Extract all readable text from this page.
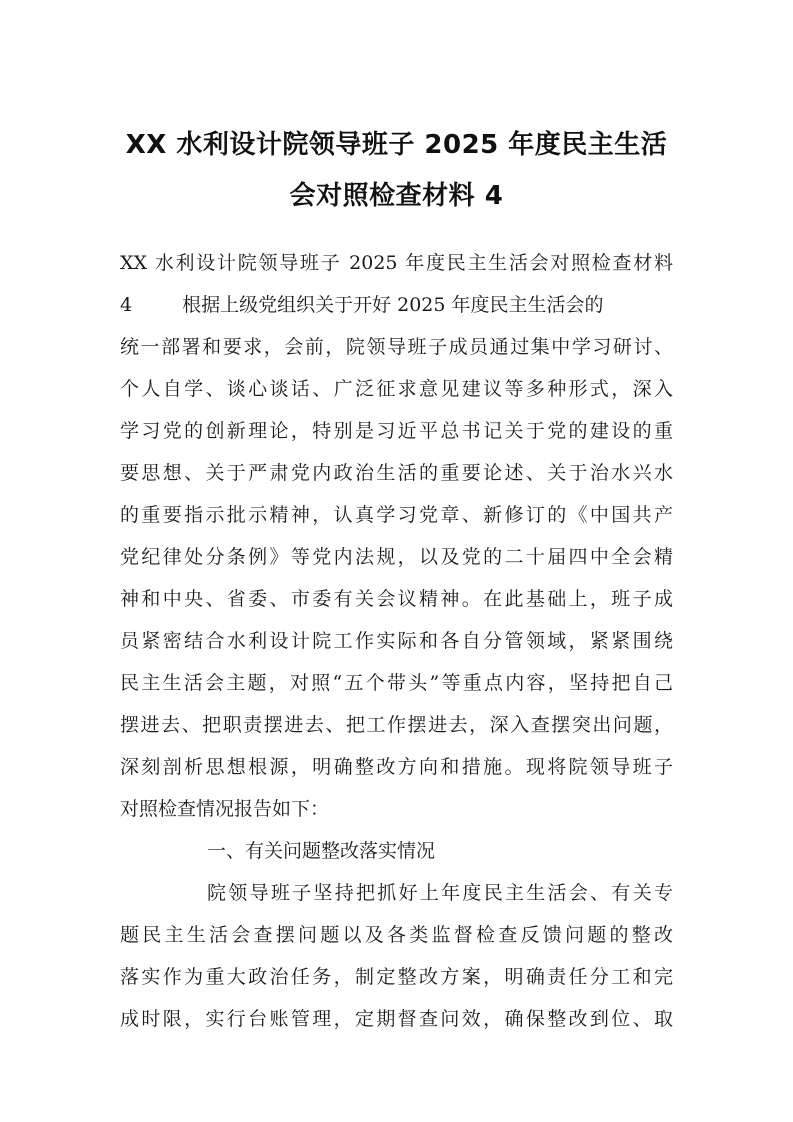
XX 水利设计院领导班子 2025 年度民主生活
会对照检查材料 4

XX 水利设计院领导班子 2025 年度民主生活会对照检查材料

4	根据上级党组织关于开好 2025 年度民主生活会的

统一部署和要求，会前，院领导班子成员通过集中学习研讨、

个人自学、谈心谈话、广泛征求意见建议等多种形式，深入

学习党的创新理论，特别是习近平总书记关于党的建设的重

要思想、关于严肃党内政治生活的重要论述、关于治水兴水

的重要指示批示精神，认真学习党章、新修订的《中国共产

党纪律处分条例》等党内法规，以及党的二十届四中全会精

神和中央、省委、市委有关会议精神。在此基础上，班子成

员紧密结合水利设计院工作实际和各自分管领域，紧紧围绕

民主生活会主题，对照“五个带头”等重点内容，坚持把自己

摆进去、把职责摆进去、把工作摆进去，深入查摆突出问题，

深刻剖析思想根源，明确整改方向和措施。现将院领导班子

对照检查情况报告如下：

一、有关问题整改落实情况

院领导班子坚持把抓好上年度民主生活会、有关专

题民主生活会查摆问题以及各类监督检查反馈问题的整改

落实作为重大政治任务，制定整改方案，明确责任分工和完

成时限，实行台账管理，定期督查问效，确保整改到位、取
